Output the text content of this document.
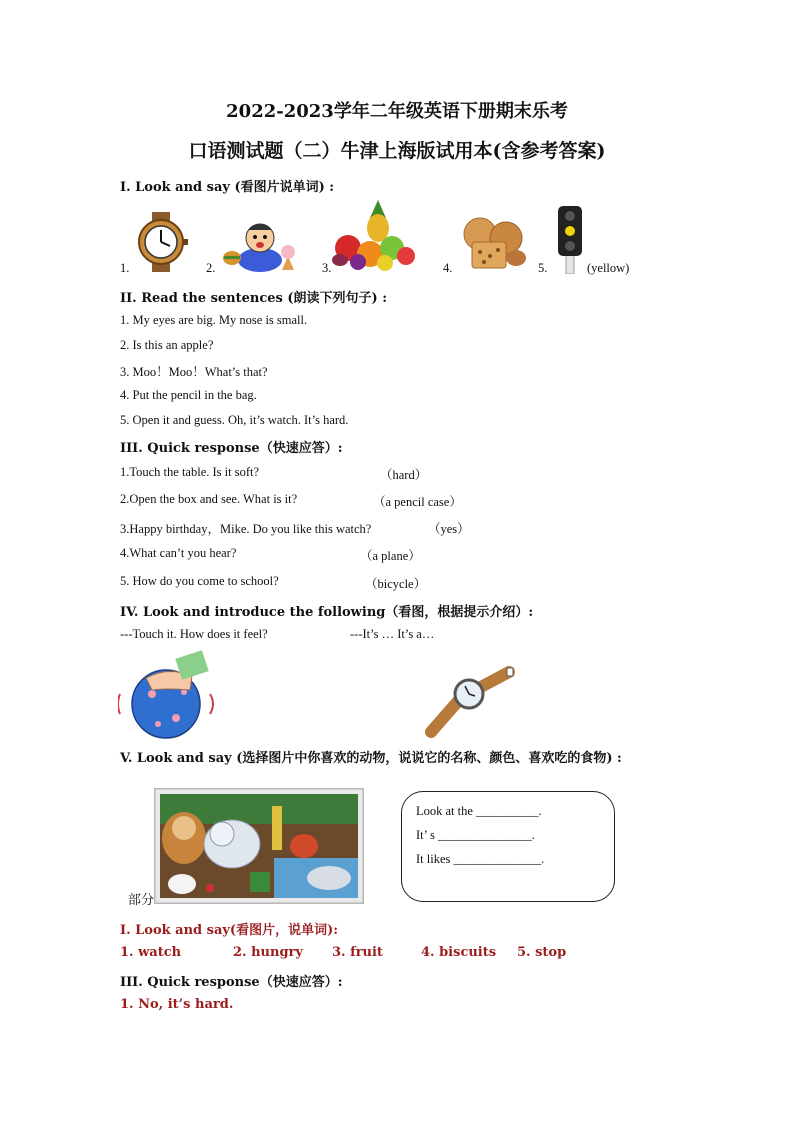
2022-2023学年二年级英语下册期末乐考
口语测试题（二）牛津上海版试用本(含参考答案)
I. Look and say (看图片说单词) :
1.	2.	3.	4.	5.	(yellow)
II. Read the sentences (朗读下列句子) :
1. My eyes are big. My nose is small.
2. Is this an apple?
3. Moo！Moo！What’s that?
4. Put the pencil in the bag.
5. Open it and guess. Oh, it’s watch. It’s hard.
III. Quick response（快速应答）:
1.Touch the table. Is it soft?	（hard）
2.Open the box and see. What is it?	（a pencil case）
3.Happy birthday，Mike. Do you like this watch?	（yes）
4.What can’t you hear?	（a plane）
5. How do you come to school?	（bicycle）
IV. Look and introduce the following（看图，根据提示介绍）:
---Touch it. How does it feel?	---It’s … It’s a…
V. Look and say (选择图片中你喜欢的动物，说说它的名称、颜色、喜欢吃的食物) :
部分
Look at the __________.
It’ s _______________.
It likes ______________.
I. Look and say(看图片，说单词):
1. watch	2. hungry 3. fruit	4. biscuits 5. stop
III. Quick response（快速应答）:
1. No, it’s hard.
